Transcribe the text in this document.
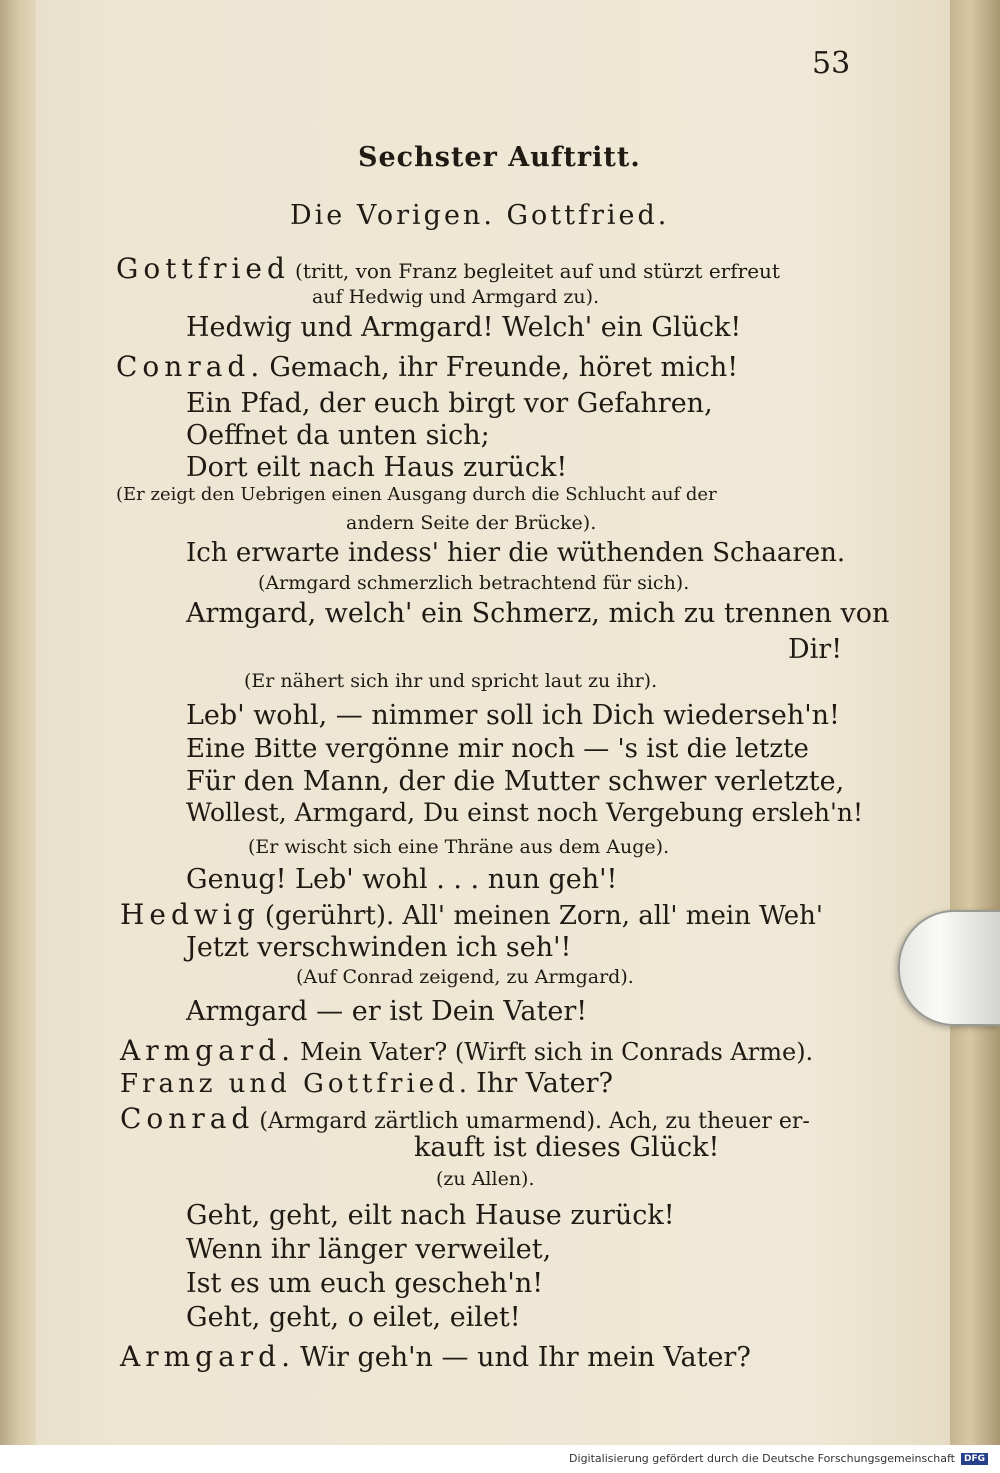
53
Sechster Auftritt.
Die Vorigen. Gottfried.
Gottfried (tritt, von Franz begleitet auf und stürzt erfreut
auf Hedwig und Armgard zu).
Hedwig und Armgard! Welch' ein Glück!
Conrad. Gemach, ihr Freunde, höret mich!
Ein Pfad, der euch birgt vor Gefahren,
Oeffnet da unten sich;
Dort eilt nach Haus zurück!
(Er zeigt den Uebrigen einen Ausgang durch die Schlucht auf der
andern Seite der Brücke).
Ich erwarte indess' hier die wüthenden Schaaren.
(Armgard schmerzlich betrachtend für sich).
Armgard, welch' ein Schmerz, mich zu trennen von
Dir!
(Er nähert sich ihr und spricht laut zu ihr).
Leb' wohl, — nimmer soll ich Dich wiederseh'n!
Eine Bitte vergönne mir noch — 's ist die letzte
Für den Mann, der die Mutter schwer verletzte,
Wollest, Armgard, Du einst noch Vergebung ersleh'n!
(Er wischt sich eine Thräne aus dem Auge).
Genug! Leb' wohl . . . nun geh'!
Hedwig (gerührt). All' meinen Zorn, all' mein Weh'
Jetzt verschwinden ich seh'!
(Auf Conrad zeigend, zu Armgard).
Armgard — er ist Dein Vater!
Armgard. Mein Vater? (Wirft sich in Conrads Arme).
Franz und Gottfried. Ihr Vater?
Conrad (Armgard zärtlich umarmend). Ach, zu theuer er-
kauft ist dieses Glück!
(zu Allen).
Geht, geht, eilt nach Hause zurück!
Wenn ihr länger verweilet,
Ist es um euch gescheh'n!
Geht, geht, o eilet, eilet!
Armgard. Wir geh'n — und Ihr mein Vater?
Digitalisierung gefördert durch die Deutsche Forschungsgemeinschaft	DFG
